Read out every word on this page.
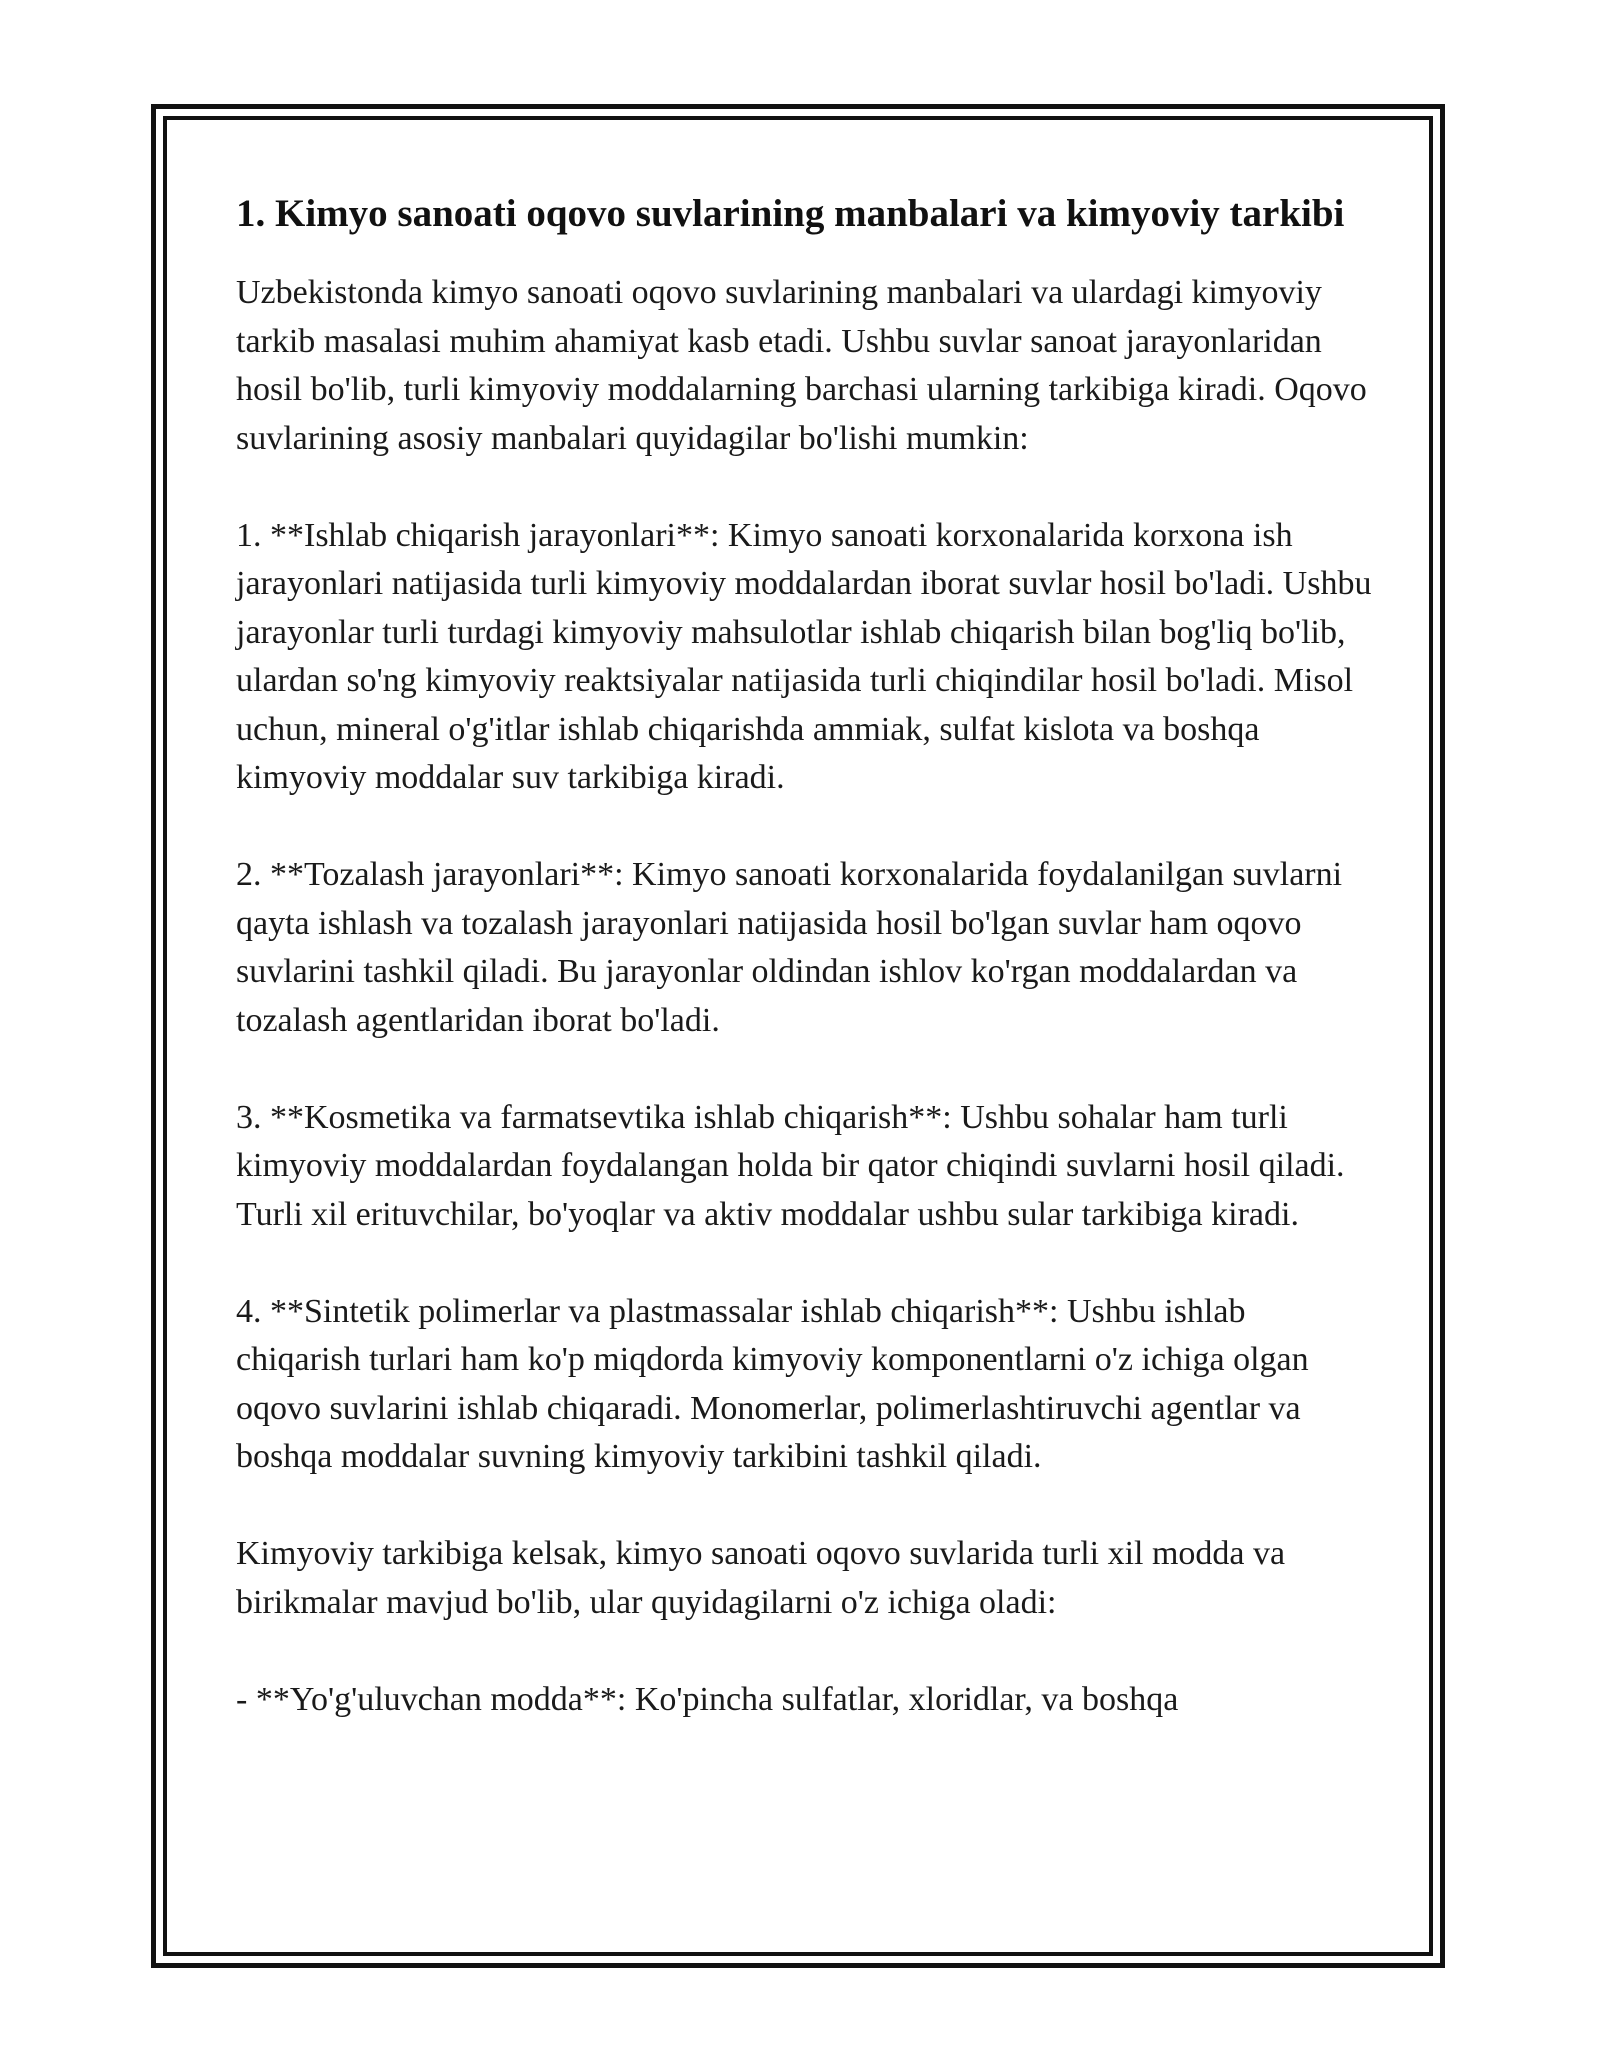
1. Kimyo sanoati oqovo suvlarining manbalari va kimyoviy tarkibi

Uzbekistonda kimyo sanoati oqovo suvlarining manbalari va ulardagi kimyoviy tarkib masalasi muhim ahamiyat kasb etadi. Ushbu suvlar sanoat jarayonlaridan hosil bo'lib, turli kimyoviy moddalarning barchasi ularning tarkibiga kiradi. Oqovo suvlarining asosiy manbalari quyidagilar bo'lishi mumkin:

1. **Ishlab chiqarish jarayonlari**: Kimyo sanoati korxonalarida korxona ish jarayonlari natijasida turli kimyoviy moddalardan iborat suvlar hosil bo'ladi. Ushbu jarayonlar turli turdagi kimyoviy mahsulotlar ishlab chiqarish bilan bog'liq bo'lib, ulardan so'ng kimyoviy reaktsiyalar natijasida turli chiqindilar hosil bo'ladi. Misol uchun, mineral o'g'itlar ishlab chiqarishda ammiak, sulfat kislota va boshqa kimyoviy moddalar suv tarkibiga kiradi.

2. **Tozalash jarayonlari**: Kimyo sanoati korxonalarida foydalanilgan suvlarni qayta ishlash va tozalash jarayonlari natijasida hosil bo'lgan suvlar ham oqovo suvlarini tashkil qiladi. Bu jarayonlar oldindan ishlov ko'rgan moddalardan va tozalash agentlaridan iborat bo'ladi.

3. **Kosmetika va farmatsevtika ishlab chiqarish**: Ushbu sohalar ham turli kimyoviy moddalardan foydalangan holda bir qator chiqindi suvlarni hosil qiladi. Turli xil erituvchilar, bo'yoqlar va aktiv moddalar ushbu sular tarkibiga kiradi.

4. **Sintetik polimerlar va plastmassalar ishlab chiqarish**: Ushbu ishlab chiqarish turlari ham ko'p miqdorda kimyoviy komponentlarni o'z ichiga olgan oqovo suvlarini ishlab chiqaradi. Monomerlar, polimerlashtiruvchi agentlar va boshqa moddalar suvning kimyoviy tarkibini tashkil qiladi.

Kimyoviy tarkibiga kelsak, kimyo sanoati oqovo suvlarida turli xil modda va birikmalar mavjud bo'lib, ular quyidagilarni o'z ichiga oladi:

- **Yo'g'uluvchan modda**: Ko'pincha sulfatlar, xloridlar, va boshqa
